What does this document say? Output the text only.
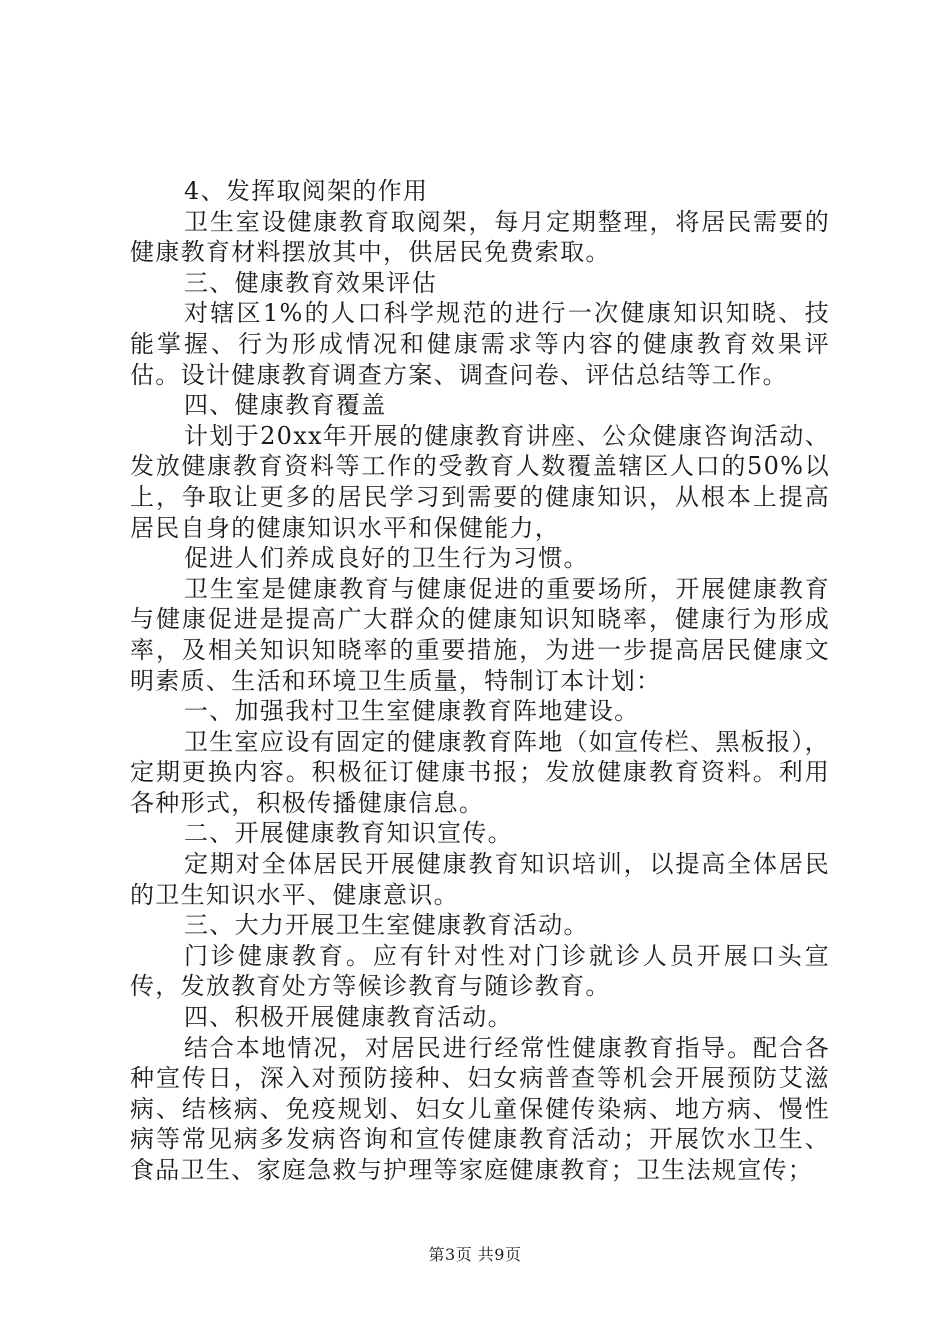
4、发挥取阅架的作用

卫生室设健康教育取阅架，每月定期整理，将居民需要的健康教育材料摆放其中，供居民免费索取。

三、健康教育效果评估

对辖区1%的人口科学规范的进行一次健康知识知晓、技能掌握、行为形成情况和健康需求等内容的健康教育效果评估。设计健康教育调查方案、调查问卷、评估总结等工作。

四、健康教育覆盖

计划于20xx年开展的健康教育讲座、公众健康咨询活动、发放健康教育资料等工作的受教育人数覆盖辖区人口的50%以上，争取让更多的居民学习到需要的健康知识，从根本上提高居民自身的健康知识水平和保健能力，

促进人们养成良好的卫生行为习惯。

卫生室是健康教育与健康促进的重要场所，开展健康教育与健康促进是提高广大群众的健康知识知晓率，健康行为形成率，及相关知识知晓率的重要措施，为进一步提高居民健康文明素质、生活和环境卫生质量，特制订本计划：

一、加强我村卫生室健康教育阵地建设。

卫生室应设有固定的健康教育阵地（如宣传栏、黑板报），定期更换内容。积极征订健康书报；发放健康教育资料。利用各种形式，积极传播健康信息。

二、开展健康教育知识宣传。

定期对全体居民开展健康教育知识培训，以提高全体居民的卫生知识水平、健康意识。

三、大力开展卫生室健康教育活动。

门诊健康教育。应有针对性对门诊就诊人员开展口头宣传，发放教育处方等候诊教育与随诊教育。

四、积极开展健康教育活动。

结合本地情况，对居民进行经常性健康教育指导。配合各种宣传日，深入对预防接种、妇女病普查等机会开展预防艾滋病、结核病、免疫规划、妇女儿童保健传染病、地方病、慢性病等常见病多发病咨询和宣传健康教育活动；开展饮水卫生、食品卫生、家庭急救与护理等家庭健康教育；卫生法规宣传；

第3页 共9页
